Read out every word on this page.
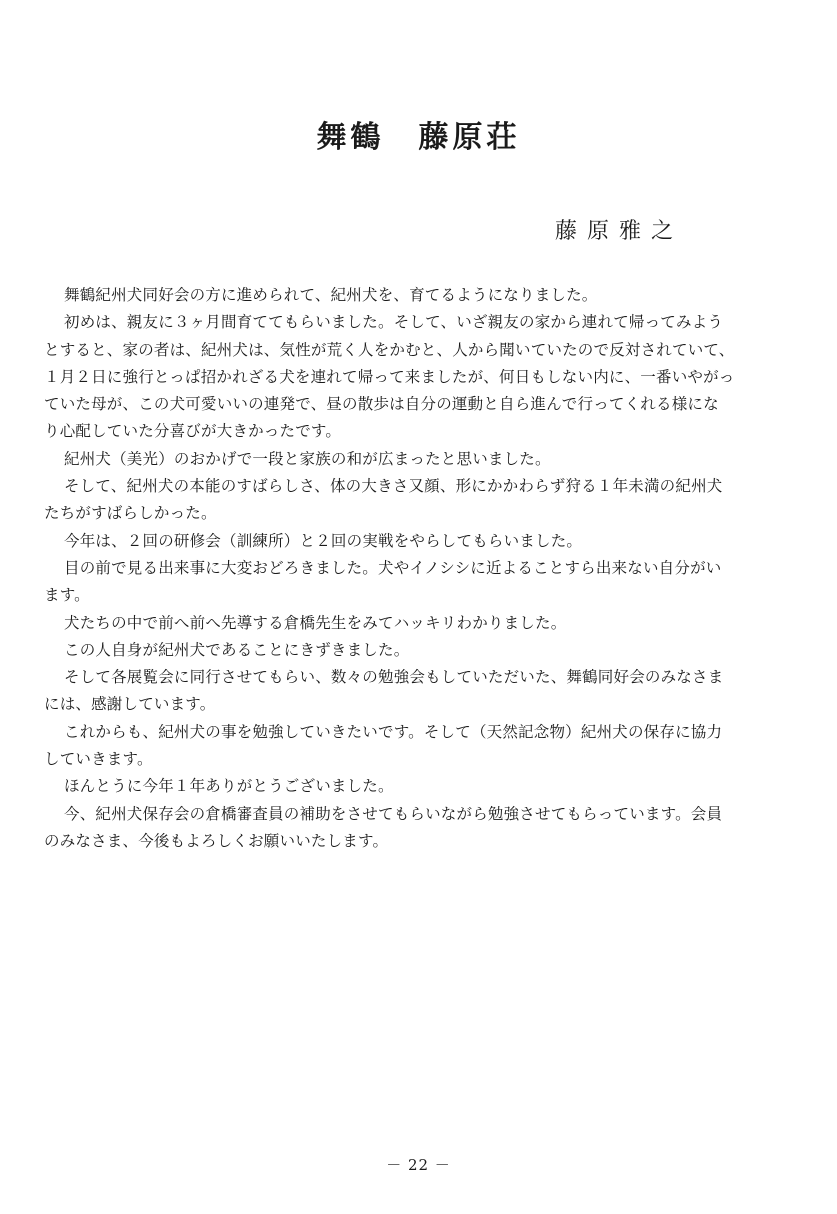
舞鶴　藤原荘
藤原雅之
舞鶴紀州犬同好会の方に進められて、紀州犬を、育てるようになりました。
初めは、親友に３ヶ月間育ててもらいました。そして、いざ親友の家から連れて帰ってみよう
とすると、家の者は、紀州犬は、気性が荒く人をかむと、人から聞いていたので反対されていて、
１月２日に強行とっぱ招かれざる犬を連れて帰って来ましたが、何日もしない内に、一番いやがっ
ていた母が、この犬可愛いいの連発で、昼の散歩は自分の運動と自ら進んで行ってくれる様にな
り心配していた分喜びが大きかったです。
紀州犬（美光）のおかげで一段と家族の和が広まったと思いました。
そして、紀州犬の本能のすばらしさ、体の大きさ又顔、形にかかわらず狩る１年未満の紀州犬
たちがすばらしかった。
今年は、２回の研修会（訓練所）と２回の実戦をやらしてもらいました。
目の前で見る出来事に大変おどろきました。犬やイノシシに近よることすら出来ない自分がい
ます。
犬たちの中で前へ前へ先導する倉橋先生をみてハッキリわかりました。
この人自身が紀州犬であることにきずきました。
そして各展覧会に同行させてもらい、数々の勉強会もしていただいた、舞鶴同好会のみなさま
には、感謝しています。
これからも、紀州犬の事を勉強していきたいです。そして（天然記念物）紀州犬の保存に協力
していきます。
ほんとうに今年１年ありがとうございました。
今、紀州犬保存会の倉橋審査員の補助をさせてもらいながら勉強させてもらっています。会員
のみなさま、今後もよろしくお願いいたします。
－ 22 －
